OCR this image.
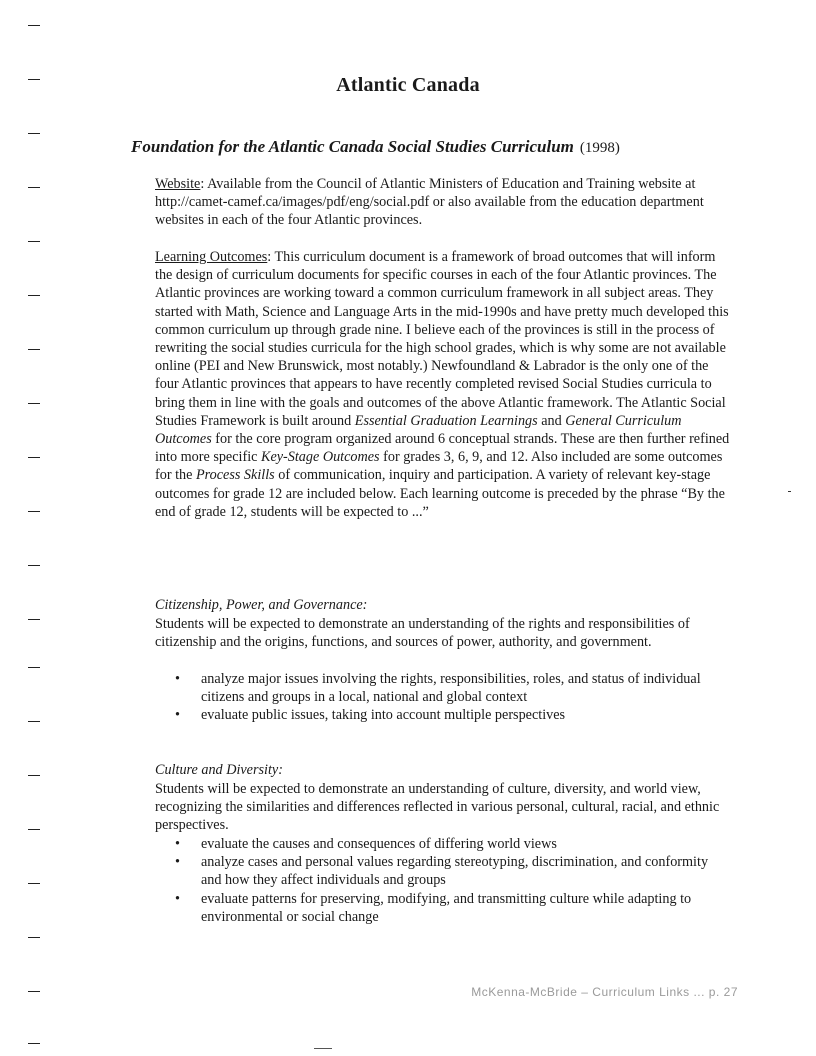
Atlantic Canada
Foundation for the Atlantic Canada Social Studies Curriculum (1998)
Website: Available from the Council of Atlantic Ministers of Education and Training website at http://camet-camef.ca/images/pdf/eng/social.pdf or also available from the education department websites in each of the four Atlantic provinces.
Learning Outcomes: This curriculum document is a framework of broad outcomes that will inform the design of curriculum documents for specific courses in each of the four Atlantic provinces. The Atlantic provinces are working toward a common curriculum framework in all subject areas. They started with Math, Science and Language Arts in the mid-1990s and have pretty much developed this common curriculum up through grade nine. I believe each of the provinces is still in the process of rewriting the social studies curricula for the high school grades, which is why some are not available online (PEI and New Brunswick, most notably.) Newfoundland & Labrador is the only one of the four Atlantic provinces that appears to have recently completed revised Social Studies curricula to bring them in line with the goals and outcomes of the above Atlantic framework. The Atlantic Social Studies Framework is built around Essential Graduation Learnings and General Curriculum Outcomes for the core program organized around 6 conceptual strands. These are then further refined into more specific Key-Stage Outcomes for grades 3, 6, 9, and 12. Also included are some outcomes for the Process Skills of communication, inquiry and participation. A variety of relevant key-stage outcomes for grade 12 are included below. Each learning outcome is preceded by the phrase “By the end of grade 12, students will be expected to ...”
Citizenship, Power, and Governance:
Students will be expected to demonstrate an understanding of the rights and responsibilities of citizenship and the origins, functions, and sources of power, authority, and government.
• analyze major issues involving the rights, responsibilities, roles, and status of individual citizens and groups in a local, national and global context
• evaluate public issues, taking into account multiple perspectives
Culture and Diversity:
Students will be expected to demonstrate an understanding of culture, diversity, and world view, recognizing the similarities and differences reflected in various personal, cultural, racial, and ethnic perspectives.
• evaluate the causes and consequences of differing world views
• analyze cases and personal values regarding stereotyping, discrimination, and conformity and how they affect individuals and groups
• evaluate patterns for preserving, modifying, and transmitting culture while adapting to environmental or social change
McKenna-McBride – Curriculum Links ... p. 27
